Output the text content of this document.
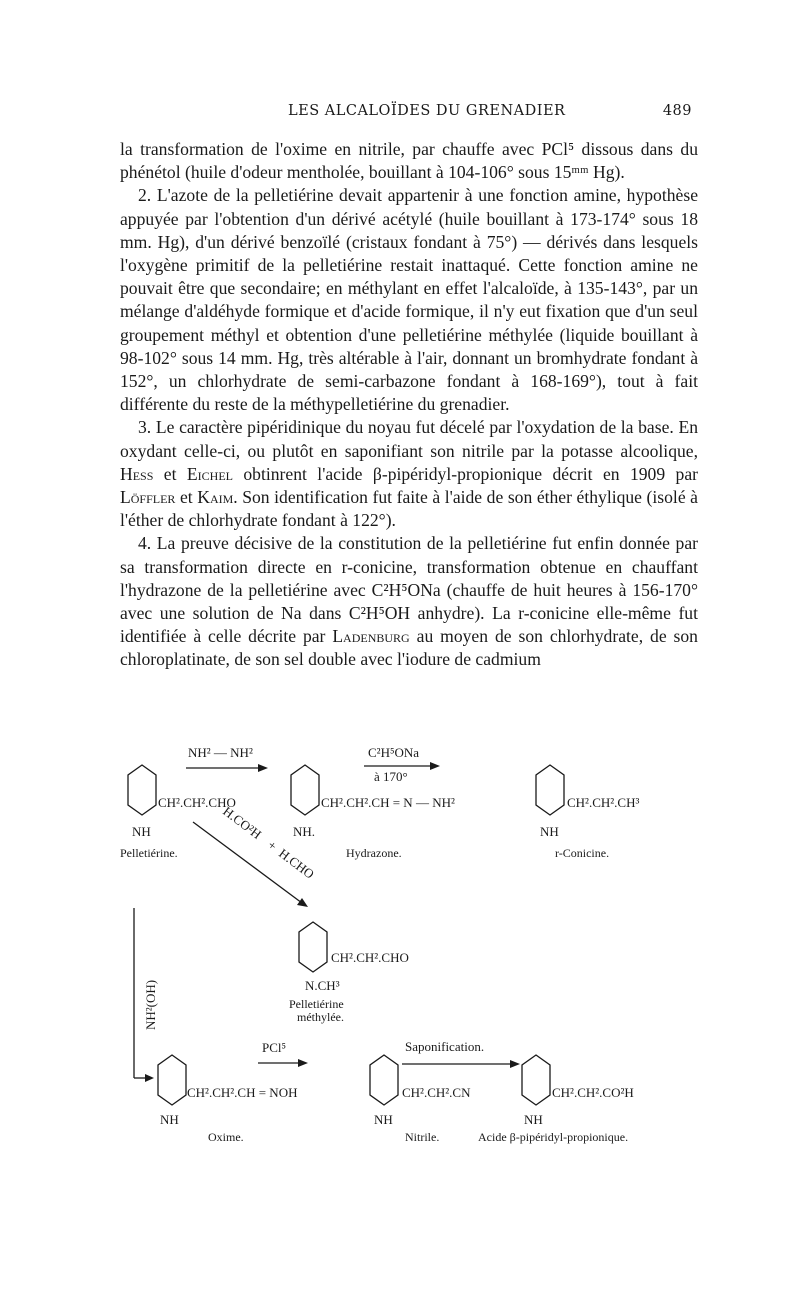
LES ALCALOÏDES DU GRENADIER	489

la transformation de l'oxime en nitrile, par chauffe avec PCl⁵ dissous dans du phénétol (huile d'odeur mentholée, bouillant à 104-106° sous 15ᵐᵐ Hg).

2. L'azote de la pelletiérine devait appartenir à une fonction amine, hypothèse appuyée par l'obtention d'un dérivé acétylé (huile bouillant à 173-174° sous 18 mm. Hg), d'un dérivé benzoïlé (cristaux fondant à 75°) — dérivés dans lesquels l'oxygène primitif de la pelletiérine restait inattaqué. Cette fonction amine ne pouvait être que secondaire; en méthylant en effet l'alcaloïde, à 135-143°, par un mélange d'aldéhyde formique et d'acide formique, il n'y eut fixation que d'un seul groupement méthyl et obtention d'une pelletiérine méthylée (liquide bouillant à 98-102° sous 14 mm. Hg, très altérable à l'air, donnant un bromhydrate fondant à 152°, un chlorhydrate de semi-carbazone fondant à 168-169°), tout à fait différente du reste de la méthypelletiérine du grenadier.

3. Le caractère pipéridinique du noyau fut décelé par l'oxydation de la base. En oxydant celle-ci, ou plutôt en saponifiant son nitrile par la potasse alcoolique, Hess et Eichel obtinrent l'acide β-pipéridyl-propionique décrit en 1909 par Löffler et Kaim. Son identification fut faite à l'aide de son éther éthylique (isolé à l'éther de chlorhydrate fondant à 122°).

4. La preuve décisive de la constitution de la pelletiérine fut enfin donnée par sa transformation directe en r-conicine, transformation obtenue en chauffant l'hydrazone de la pelletiérine avec C²H⁵ONa (chauffe de huit heures à 156-170° avec une solution de Na dans C²H⁵OH anhydre). La r-conicine elle-même fut identifiée à celle décrite par Ladenburg au moyen de son chlorhydrate, de son chloroplatinate, de son sel double avec l'iodure de cadmium

CH².CH².CHO
NH
Pelletiérine.
NH² — NH²
CH².CH².CH = N — NH²
NH.
Hydrazone.
C²H⁵ONa
à 170°
CH².CH².CH³
NH
r-Conicine.
H.CO²H
+
H.CHO
CH².CH².CHO
N.CH³
Pelletiérine
méthylée.
NH²(OH)
CH².CH².CH = NOH
NH
Oxime.
PCl⁵
CH².CH².CN
NH
Nitrile.
Saponification.
CH².CH².CO²H
NH
Acide β-pipéridyl-propionique.
